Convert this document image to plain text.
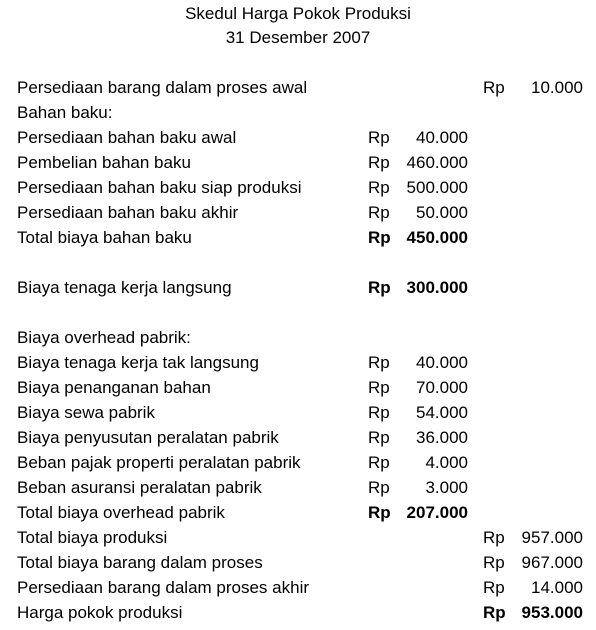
Skedul Harga Pokok Produksi
31 Desember 2007
Persediaan barang dalam proses awal	Rp 10.000
Bahan baku:
Persediaan bahan baku awal	Rp 40.000
Pembelian bahan baku	Rp 460.000
Persediaan bahan baku siap produksi	Rp 500.000
Persediaan bahan baku akhir	Rp 50.000
Total biaya bahan baku	Rp 450.000
Biaya tenaga kerja langsung	Rp 300.000
Biaya overhead pabrik:
Biaya tenaga kerja tak langsung	Rp 40.000
Biaya penanganan bahan	Rp 70.000
Biaya sewa pabrik	Rp 54.000
Biaya penyusutan peralatan pabrik	Rp 36.000
Beban pajak properti peralatan pabrik	Rp 4.000
Beban asuransi peralatan pabrik	Rp 3.000
Total biaya overhead pabrik	Rp 207.000
Total biaya produksi	Rp 957.000
Total biaya barang dalam proses	Rp 967.000
Persediaan barang dalam proses akhir	Rp 14.000
Harga pokok produksi	Rp 953.000
